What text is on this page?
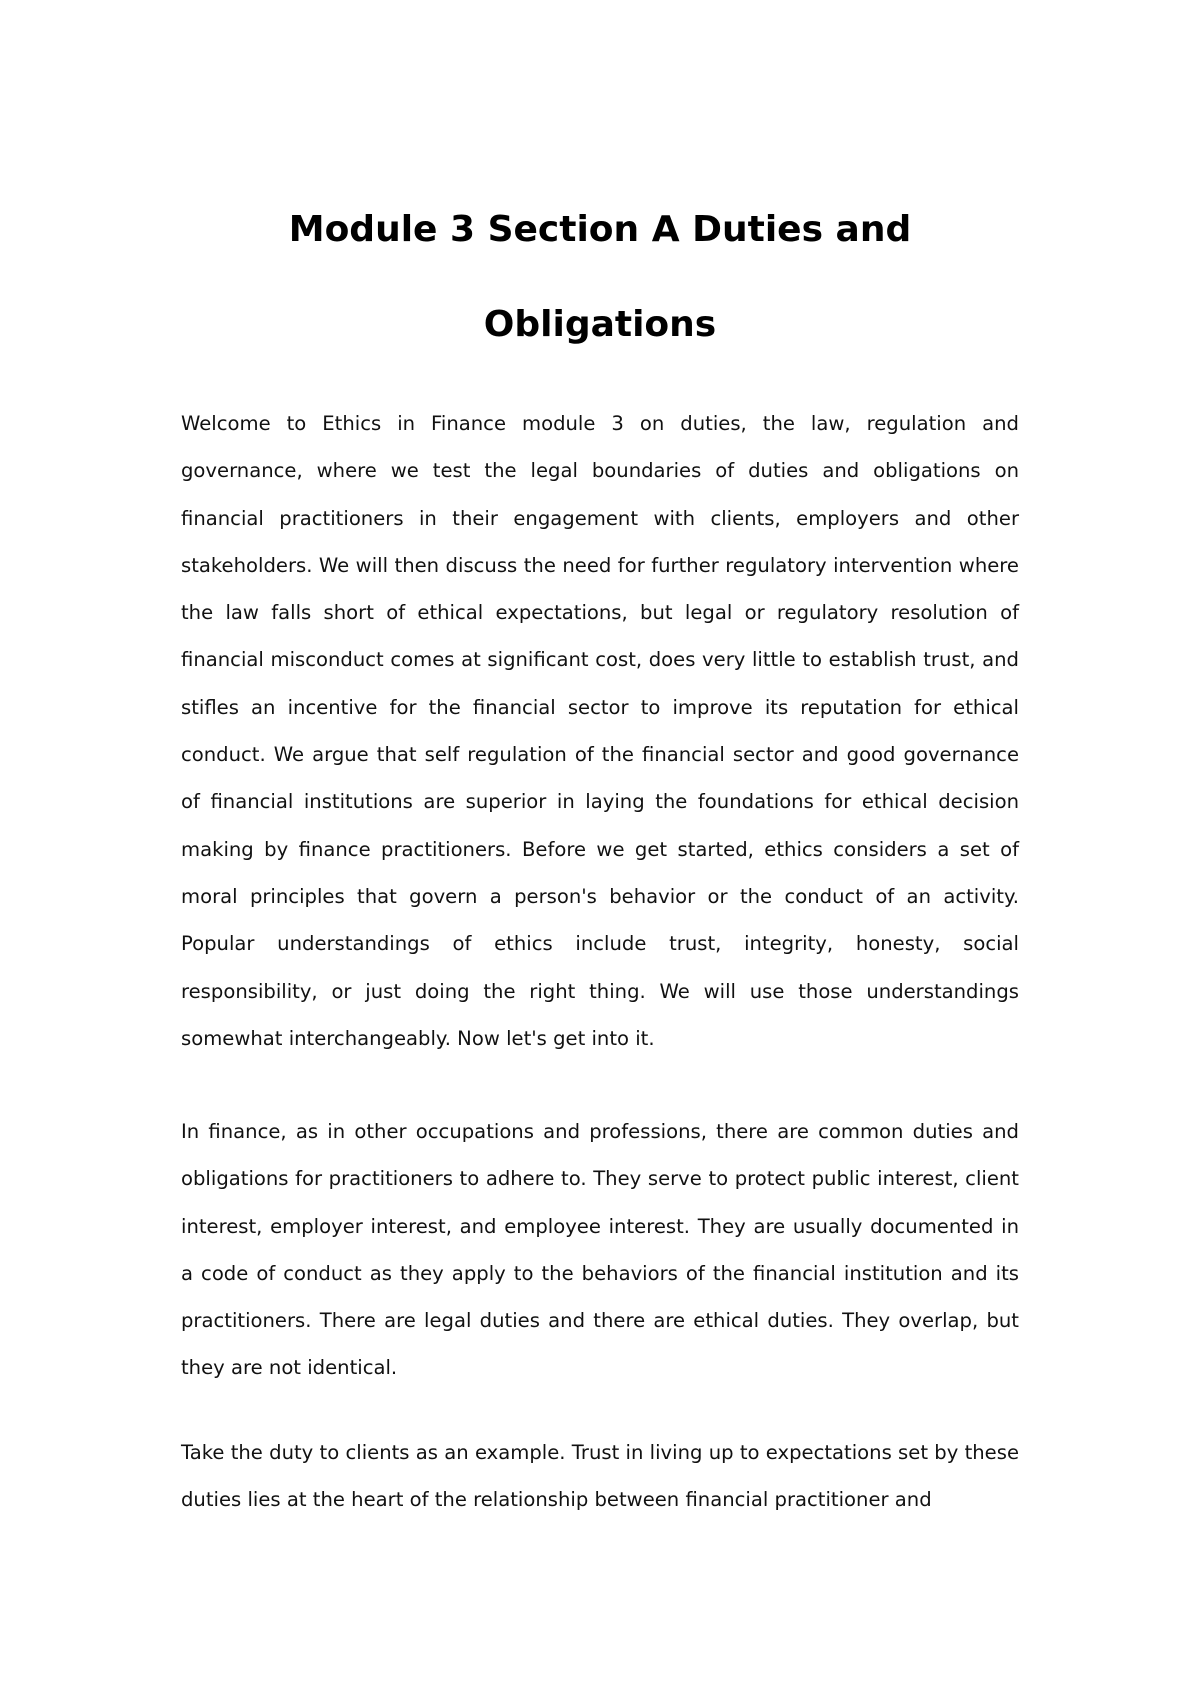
Module 3 Section A Duties and Obligations

Welcome to Ethics in Finance module 3 on duties, the law, regulation and governance, where we test the legal boundaries of duties and obligations on financial practitioners in their engagement with clients, employers and other stakeholders. We will then discuss the need for further regulatory intervention where the law falls short of ethical expectations, but legal or regulatory resolution of financial misconduct comes at significant cost, does very little to establish trust, and stifles an incentive for the financial sector to improve its reputation for ethical conduct. We argue that self regulation of the financial sector and good governance of financial institutions are superior in laying the foundations for ethical decision making by finance practitioners. Before we get started, ethics considers a set of moral principles that govern a person's behavior or the conduct of an activity. Popular understandings of ethics include trust, integrity, honesty, social responsibility, or just doing the right thing. We will use those understandings somewhat interchangeably. Now let's get into it.

In finance, as in other occupations and professions, there are common duties and obligations for practitioners to adhere to. They serve to protect public interest, client interest, employer interest, and employee interest. They are usually documented in a code of conduct as they apply to the behaviors of the financial institution and its practitioners. There are legal duties and there are ethical duties. They overlap, but they are not identical.

Take the duty to clients as an example. Trust in living up to expectations set by these duties lies at the heart of the relationship between financial practitioner and
